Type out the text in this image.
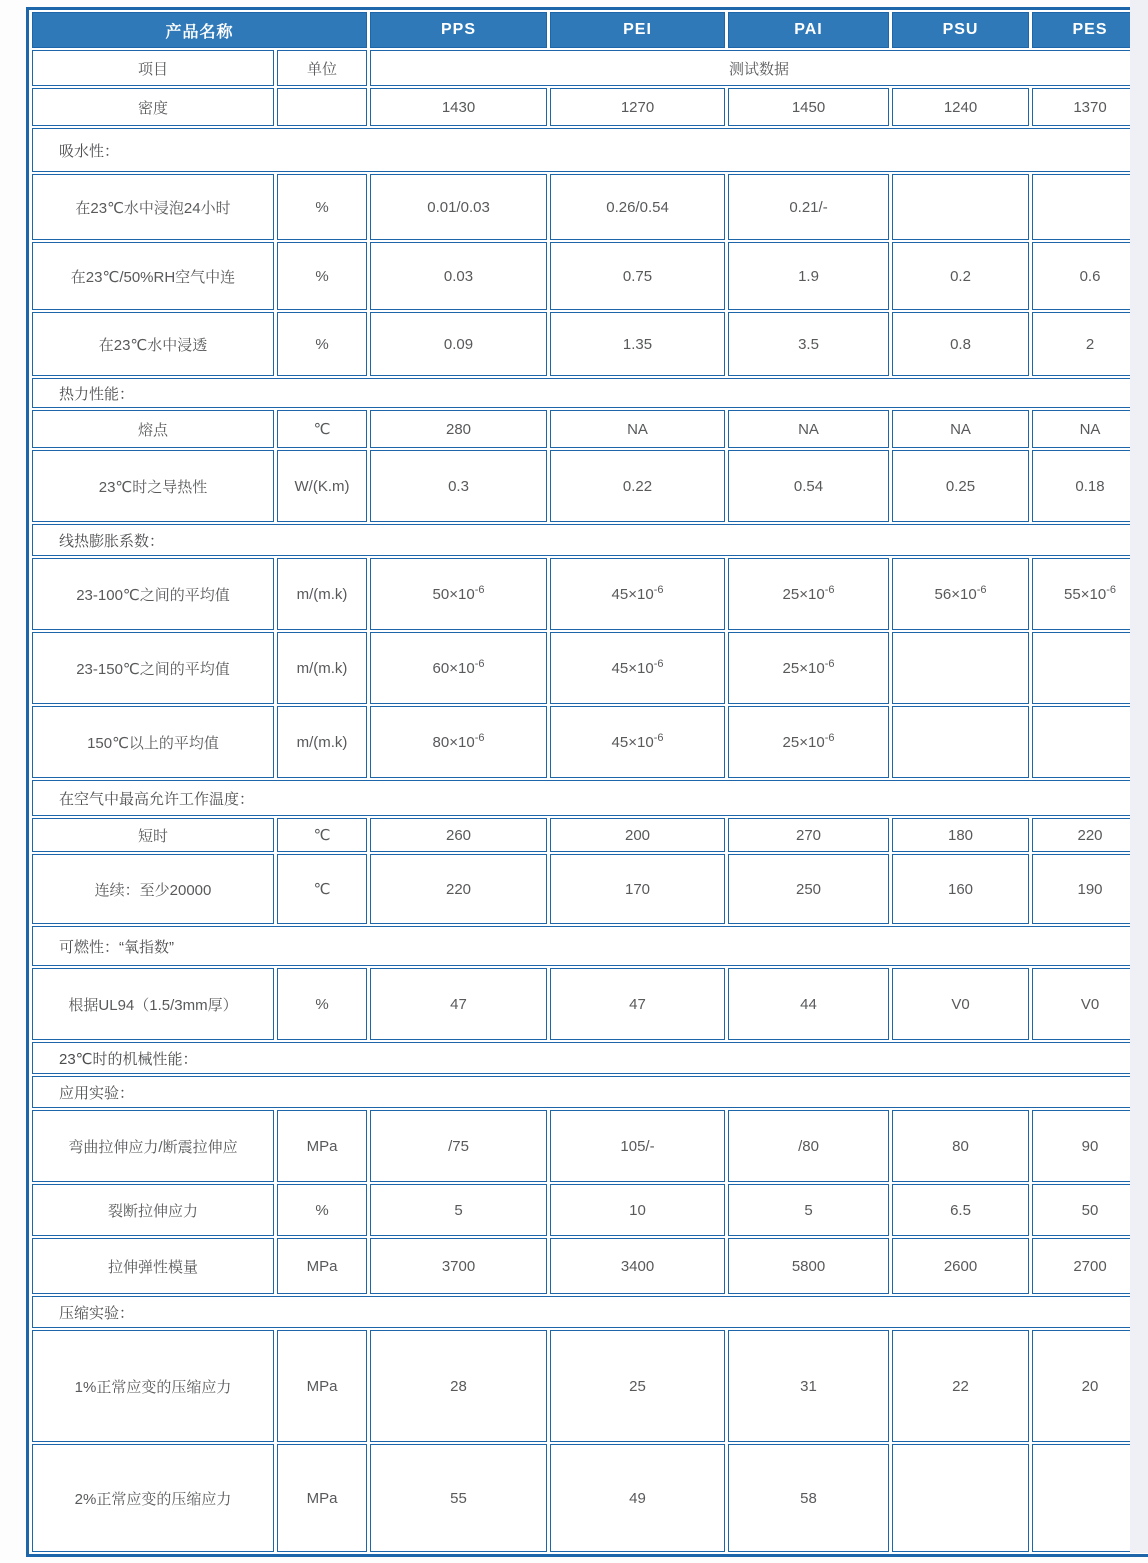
产品名称		PPS	PEI	PAI	PSU	PES
项目	单位	测试数据				
密度		1430	1270	1450	1240	1370
吸水性：						
在23℃水中浸泡24小时	%	0.01/0.03	0.26/0.54	0.21/-		
在23℃/50%RH空气中连	%	0.03	0.75	1.9	0.2	0.6
在23℃水中浸透	%	0.09	1.35	3.5	0.8	2
热力性能：						
熔点	℃	280	NA	NA	NA	NA
23℃时之导热性	W/(K.m)	0.3	0.22	0.54	0.25	0.18
线热膨胀系数：						
23-100℃之间的平均值	m/(m.k)	$50\times 10^{-6}$	$45\times 10^{-6}$	$25\times 10^{-6}$	$56\times 10^{-6}$	$55\times 10^{-6}$
23-150℃之间的平均值	m/(m.k)	$60\times 10^{-6}$	$45\times 10^{-6}$	$25\times 10^{-6}$		
150℃以上的平均值	m/(m.k)	$80\times 10^{-6}$	$45\times 10^{-6}$	$25\times 10^{-6}$		
在空气中最高允许工作温度：						
短时	℃	260	200	270	180	220
连续：至少20000	℃	220	170	250	160	190
可燃性：“氧指数”						
根据UL94（1.5/3mm厚）	%	47	47	44	V0	V0
23℃时的机械性能：						
应用实验：						
弯曲拉伸应力/断震拉伸应	MPa	/75	105/-	/80	80	90
裂断拉伸应力	%	5	10	5	6.5	50
拉伸弹性模量	MPa	3700	3400	5800	2600	2700
压缩实验：						
1%正常应变的压缩应力	MPa	28	25	31	22	20
2%正常应变的压缩应力	MPa	55	49	58		
